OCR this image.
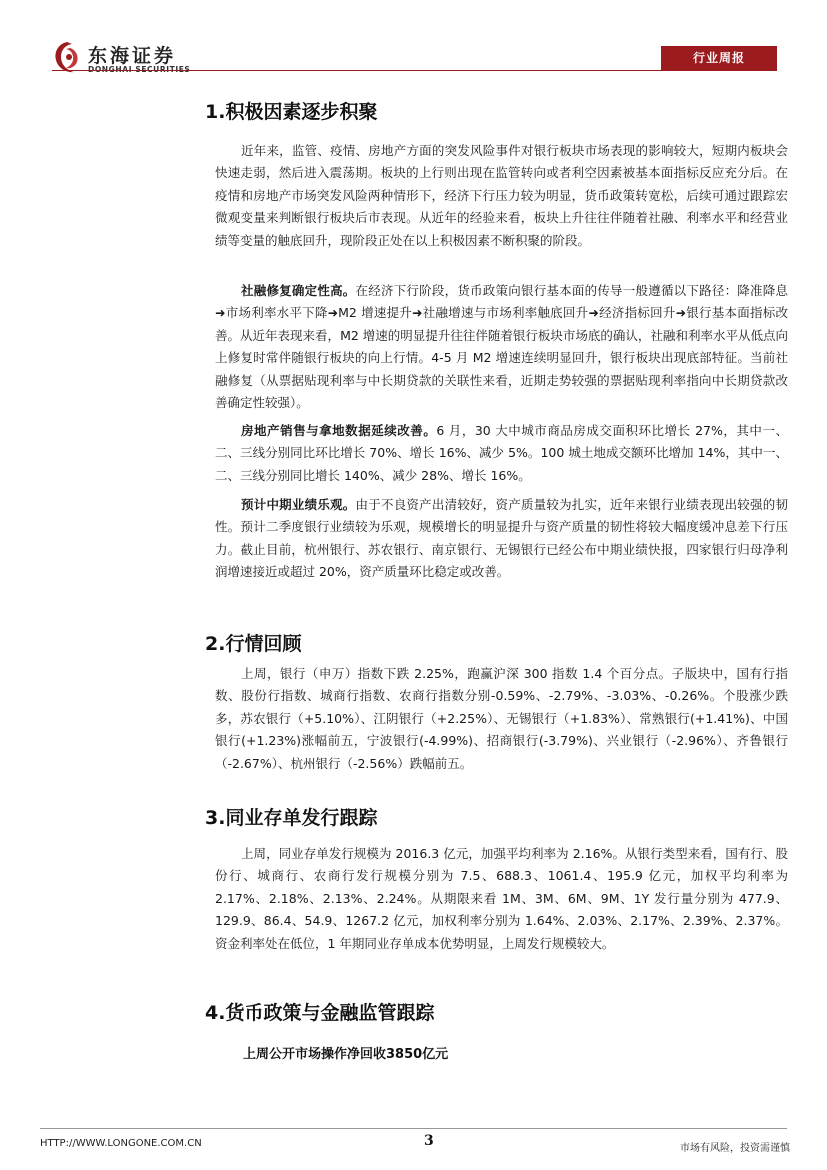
东海证券
DONGHAI SECURITIES
行业周报
1.积极因素逐步积聚

近年来，监管、疫情、房地产方面的突发风险事件对银行板块市场表现的影响较大，短期内板块会快速走弱，然后进入震荡期。板块的上行则出现在监管转向或者利空因素被基本面指标反应充分后。在疫情和房地产市场突发风险两种情形下，经济下行压力较为明显，货币政策转宽松，后续可通过跟踪宏微观变量来判断银行板块后市表现。从近年的经验来看，板块上升往往伴随着社融、利率水平和经营业绩等变量的触底回升，现阶段正处在以上积极因素不断积聚的阶段。

社融修复确定性高。在经济下行阶段，货币政策向银行基本面的传导一般遵循以下路径：降准降息➜市场利率水平下降➜M2 增速提升➜社融增速与市场利率触底回升➜经济指标回升➜银行基本面指标改善。从近年表现来看，M2 增速的明显提升往往伴随着银行板块市场底的确认，社融和利率水平从低点向上修复时常伴随银行板块的向上行情。4-5 月 M2 增速连续明显回升，银行板块出现底部特征。当前社融修复（从票据贴现利率与中长期贷款的关联性来看，近期走势较强的票据贴现利率指向中长期贷款改善确定性较强）。

房地产销售与拿地数据延续改善。6 月，30 大中城市商品房成交面积环比增长 27%，其中一、二、三线分别同比环比增长 70%、增长 16%、减少 5%。100 城土地成交额环比增加 14%，其中一、二、三线分别同比增长 140%、减少 28%、增长 16%。

预计中期业绩乐观。由于不良资产出清较好，资产质量较为扎实，近年来银行业绩表现出较强的韧性。预计二季度银行业绩较为乐观，规模增长的明显提升与资产质量的韧性将较大幅度缓冲息差下行压力。截止目前，杭州银行、苏农银行、南京银行、无锡银行已经公布中期业绩快报，四家银行归母净利润增速接近或超过 20%，资产质量环比稳定或改善。

2.行情回顾

上周，银行（申万）指数下跌 2.25%，跑赢沪深 300 指数 1.4 个百分点。子版块中，国有行指数、股份行指数、城商行指数、农商行指数分别-0.59%、-2.79%、-3.03%、-0.26%。个股涨少跌多，苏农银行（+5.10%）、江阴银行（+2.25%）、无锡银行（+1.83%）、常熟银行(+1.41%)、中国银行(+1.23%)涨幅前五，宁波银行(-4.99%)、招商银行(-3.79%)、兴业银行（-2.96%）、齐鲁银行（-2.67%）、杭州银行（-2.56%）跌幅前五。

3.同业存单发行跟踪

上周，同业存单发行规模为 2016.3 亿元，加强平均利率为 2.16%。从银行类型来看，国有行、股份行、城商行、农商行发行规模分别为 7.5、688.3、1061.4、195.9 亿元，加权平均利率为 2.17%、2.18%、2.13%、2.24%。从期限来看 1M、3M、6M、9M、1Y 发行量分别为 477.9、129.9、86.4、54.9、1267.2 亿元，加权利率分别为 1.64%、2.03%、2.17%、2.39%、2.37%。资金利率处在低位，1 年期同业存单成本优势明显，上周发行规模较大。

4.货币政策与金融监管跟踪
上周公开市场操作净回收3850亿元
HTTP://WWW.LONGONE.COM.CN	3	市场有风险，投资需谨慎
